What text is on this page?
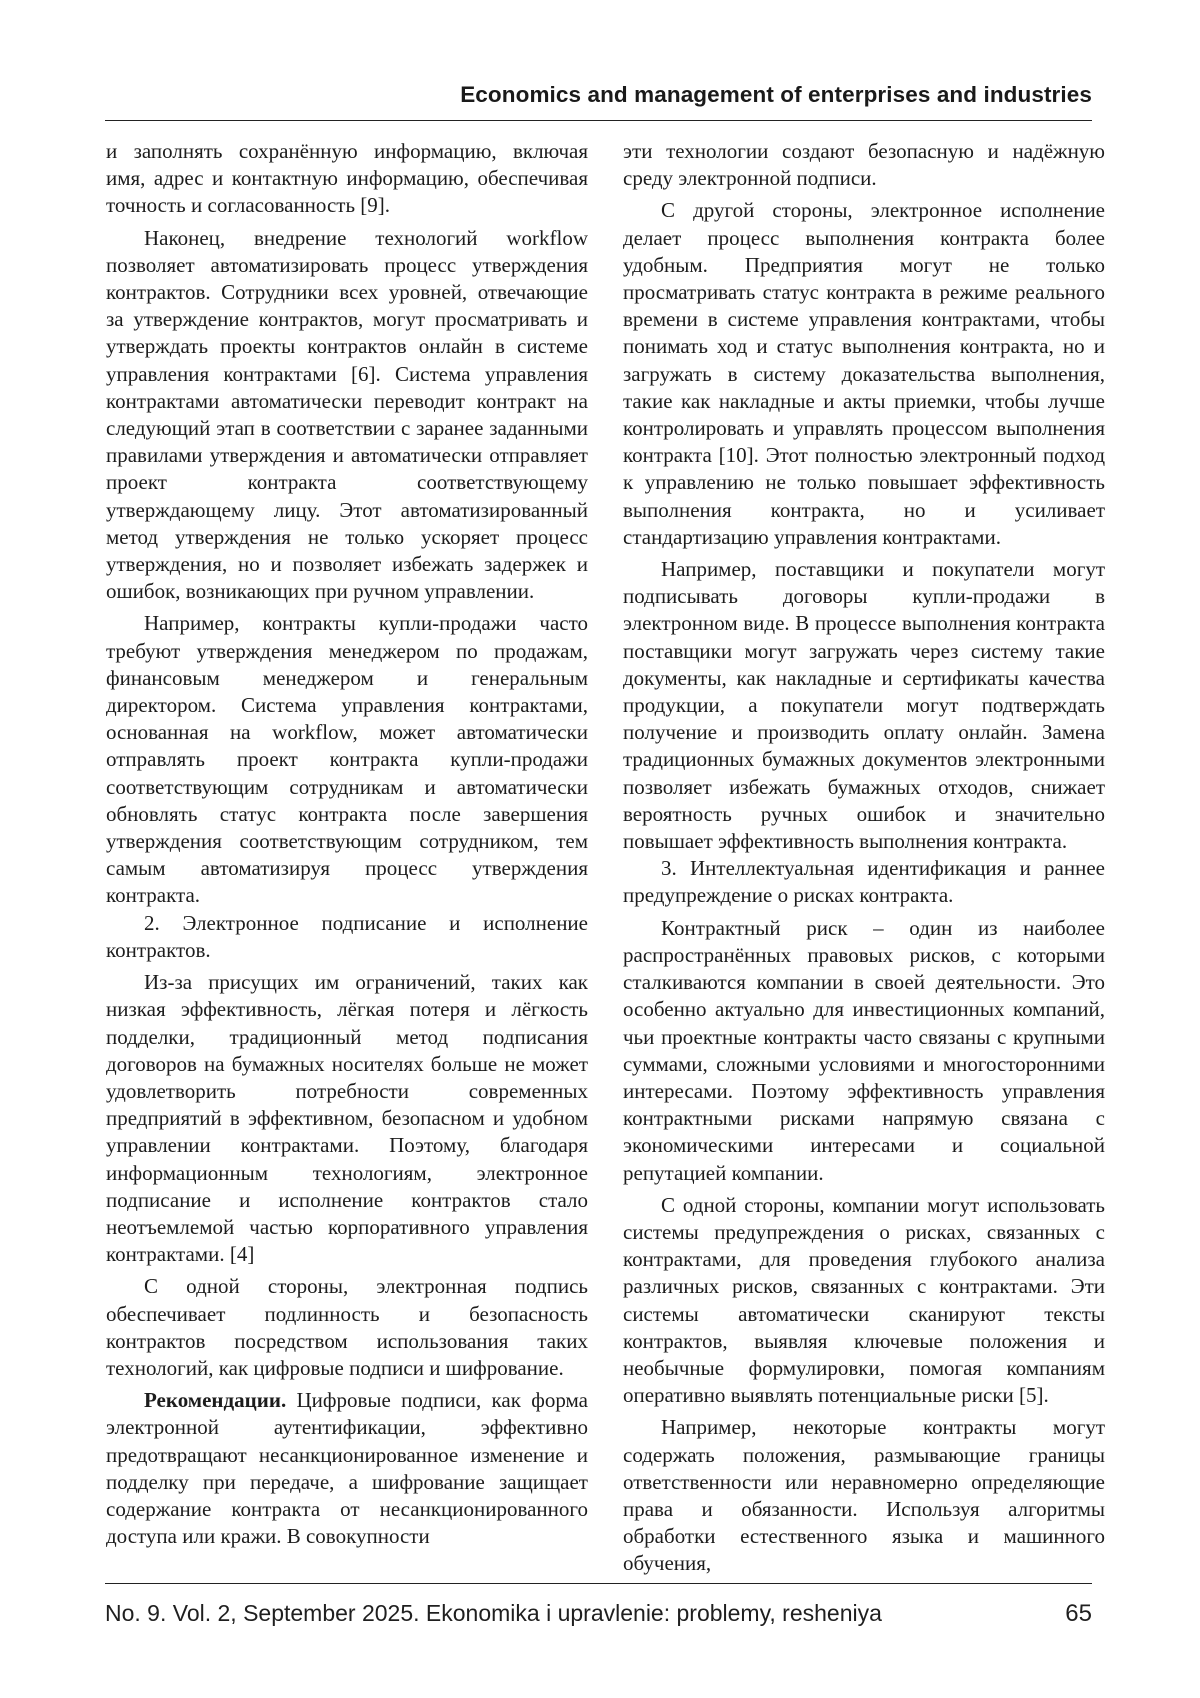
Economics and management of enterprises and industries

и заполнять сохранённую информацию, включая имя, адрес и контактную информацию, обеспечивая точность и согласованность [9].

Наконец, внедрение технологий workflow позволяет автоматизировать процесс утверждения контрактов. Сотрудники всех уровней, отвечающие за утверждение контрактов, могут просматривать и утверждать проекты контрактов онлайн в системе управления контрактами [6]. Система управления контрактами автоматически переводит контракт на следующий этап в соответствии с заранее заданными правилами утверждения и автоматически отправляет проект контракта соответствующему утверждающему лицу. Этот автоматизированный метод утверждения не только ускоряет процесс утверждения, но и позволяет избежать задержек и ошибок, возникающих при ручном управлении.

Например, контракты купли-продажи часто требуют утверждения менеджером по продажам, финансовым менеджером и генеральным директором. Система управления контрактами, основанная на workflow, может автоматически отправлять проект контракта купли-продажи соответствующим сотрудникам и автоматически обновлять статус контракта после завершения утверждения соответствующим сотрудником, тем самым автоматизируя процесс утверждения контракта.

2. Электронное подписание и исполнение контрактов.

Из-за присущих им ограничений, таких как низкая эффективность, лёгкая потеря и лёгкость подделки, традиционный метод подписания договоров на бумажных носителях больше не может удовлетворить потребности современных предприятий в эффективном, безопасном и удобном управлении контрактами. Поэтому, благодаря информационным технологиям, электронное подписание и исполнение контрактов стало неотъемлемой частью корпоративного управления контрактами. [4]

С одной стороны, электронная подпись обеспечивает подлинность и безопасность контрактов посредством использования таких технологий, как цифровые подписи и шифрование.

Рекомендации. Цифровые подписи, как форма электронной аутентификации, эффективно предотвращают несанкционированное изменение и подделку при передаче, а шифрование защищает содержание контракта от несанкционированного доступа или кражи. В совокупности

эти технологии создают безопасную и надёжную среду электронной подписи.

С другой стороны, электронное исполнение делает процесс выполнения контракта более удобным. Предприятия могут не только просматривать статус контракта в режиме реального времени в системе управления контрактами, чтобы понимать ход и статус выполнения контракта, но и загружать в систему доказательства выполнения, такие как накладные и акты приемки, чтобы лучше контролировать и управлять процессом выполнения контракта [10]. Этот полностью электронный подход к управлению не только повышает эффективность выполнения контракта, но и усиливает стандартизацию управления контрактами.

Например, поставщики и покупатели могут подписывать договоры купли-продажи в электронном виде. В процессе выполнения контракта поставщики могут загружать через систему такие документы, как накладные и сертификаты качества продукции, а покупатели могут подтверждать получение и производить оплату онлайн. Замена традиционных бумажных документов электронными позволяет избежать бумажных отходов, снижает вероятность ручных ошибок и значительно повышает эффективность выполнения контракта.

3. Интеллектуальная идентификация и раннее предупреждение о рисках контракта.

Контрактный риск – один из наиболее распространённых правовых рисков, с которыми сталкиваются компании в своей деятельности. Это особенно актуально для инвестиционных компаний, чьи проектные контракты часто связаны с крупными суммами, сложными условиями и многосторонними интересами. Поэтому эффективность управления контрактными рисками напрямую связана с экономическими интересами и социальной репутацией компании.

С одной стороны, компании могут использовать системы предупреждения о рисках, связанных с контрактами, для проведения глубокого анализа различных рисков, связанных с контрактами. Эти системы автоматически сканируют тексты контрактов, выявляя ключевые положения и необычные формулировки, помогая компаниям оперативно выявлять потенциальные риски [5].

Например, некоторые контракты могут содержать положения, размывающие границы ответственности или неравномерно определяющие права и обязанности. Используя алгоритмы обработки естественного языка и машинного обучения,

No. 9. Vol. 2, September 2025. Ekonomika i upravlenie: problemy, resheniya	65
